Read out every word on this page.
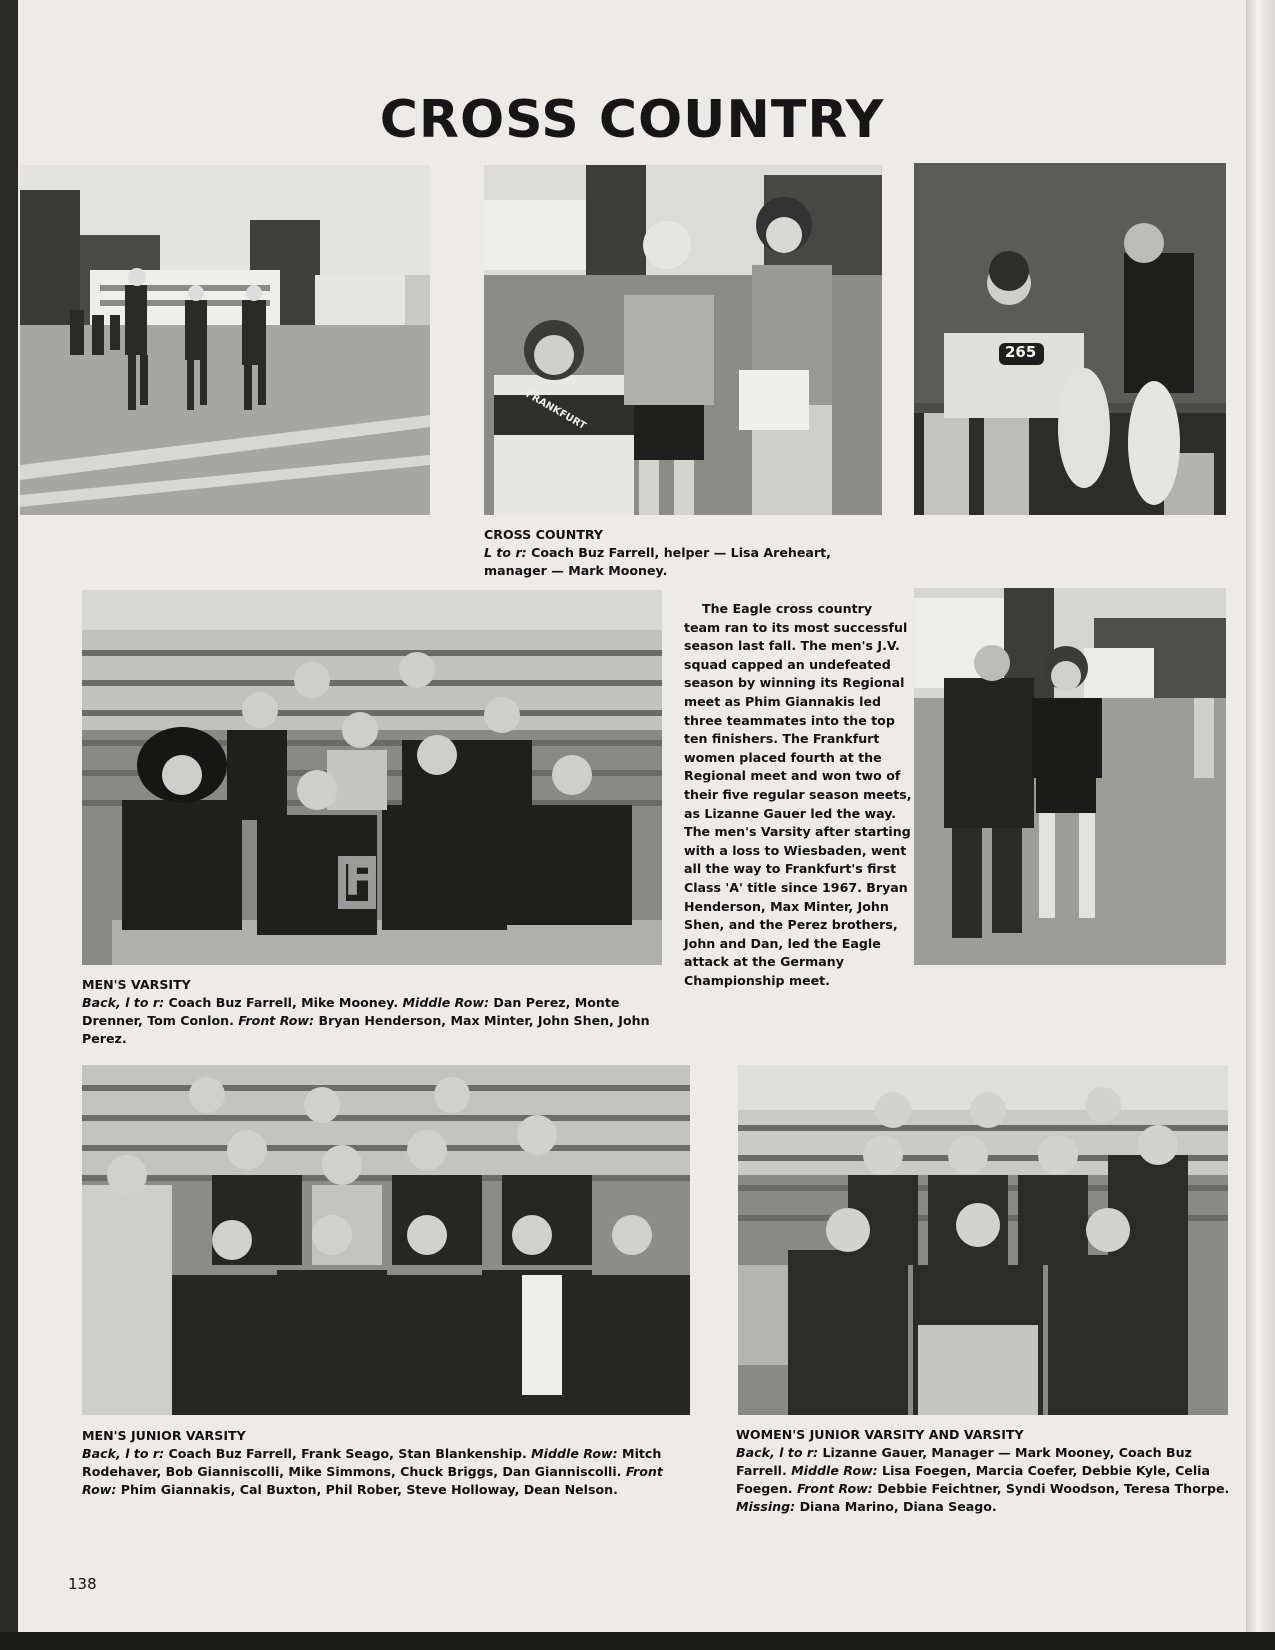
CROSS COUNTRY
FRANKFURT
265
CROSS COUNTRY
L to r: Coach Buz Farrell, helper — Lisa Areheart, manager — Mark Mooney.
F
MEN'S VARSITY
Back, l to r: Coach Buz Farrell, Mike Mooney. Middle Row: Dan Perez, Monte Drenner, Tom Conlon. Front Row: Bryan Henderson, Max Minter, John Shen, John Perez.

The Eagle cross country team ran to its most successful season last fall. The men's J.V. squad capped an undefeated season by winning its Regional meet as Phim Giannakis led three teammates into the top ten finishers. The Frankfurt women placed fourth at the Regional meet and won two of their five regular season meets, as Lizanne Gauer led the way. The men's Varsity after starting with a loss to Wiesbaden, went all the way to Frankfurt's first Class 'A' title since 1967. Bryan Henderson, Max Minter, John Shen, and the Perez brothers, John and Dan, led the Eagle attack at the Germany Championship meet.

MEN'S JUNIOR VARSITY
Back, l to r: Coach Buz Farrell, Frank Seago, Stan Blankenship. Middle Row: Mitch Rodehaver, Bob Gianniscolli, Mike Simmons, Chuck Briggs, Dan Gianniscolli. Front Row: Phim Giannakis, Cal Buxton, Phil Rober, Steve Holloway, Dean Nelson.
WOMEN'S JUNIOR VARSITY AND VARSITY
Back, l to r: Lizanne Gauer, Manager — Mark Mooney, Coach Buz Farrell. Middle Row: Lisa Foegen, Marcia Coefer, Debbie Kyle, Celia Foegen. Front Row: Debbie Feichtner, Syndi Woodson, Teresa Thorpe. Missing: Diana Marino, Diana Seago.
138
